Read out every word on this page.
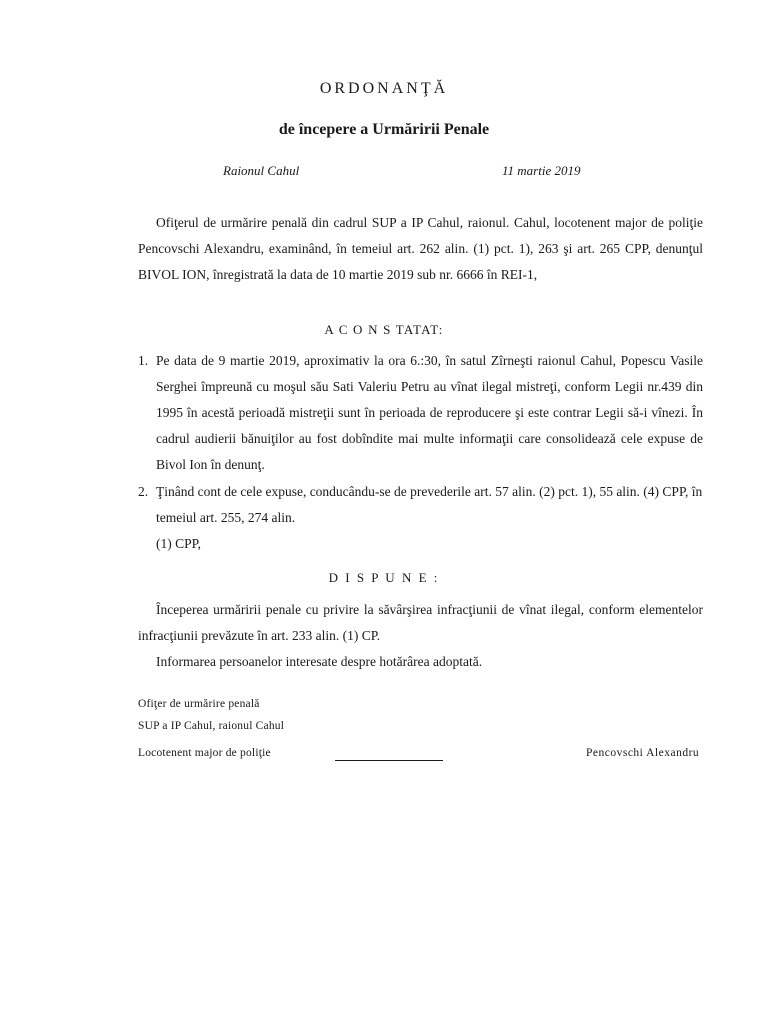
ORDONANŢĂ
de începere a Urmăririi Penale
Raionul Cahul	11 martie 2019

Ofiţerul de urmărire penală din cadrul SUP a IP Cahul, raionul. Cahul, locotenent major de poliţie Pencovschi Alexandru, examinând, în temeiul art. 262 alin. (1) pct. 1), 263 şi art. 265 CPP, denunţul BIVOL ION, înregistrată la data de 10 martie 2019 sub nr. 6666 în REI-1,

A C O N S TATAT:
1. Pe data de 9 martie 2019, aproximativ la ora 6.:30, în satul Zîrneşti raionul Cahul, Popescu Vasile Serghei împreună cu moşul său Sati Valeriu Petru au vînat ilegal mistreţi, conform Legii nr.439 din 1995 în acestă perioadă mistreţii sunt în perioada de reproducere şi este contrar Legii să-i vînezi. În cadrul audierii bănuiţilor au fost dobîndite mai multe informaţii care consolidează cele expuse de Bivol Ion în denunţ.
2. Ţinând cont de cele expuse, conducându-se de prevederile art. 57 alin. (2) pct. 1), 55 alin. (4) CPP, în temeiul art. 255, 274 alin.
(1) CPP,
D I S P U N E :

Începerea urmăririi penale cu privire la săvârşirea infracţiunii de vînat ilegal, conform elementelor infracţiunii prevăzute în art. 233 alin. (1) CP.

Informarea persoanelor interesate despre hotărârea adoptată.

Ofiţer de urmărire penală
SUP a IP Cahul, raionul Cahul
Locotenent major de poliţie	Pencovschi Alexandru
